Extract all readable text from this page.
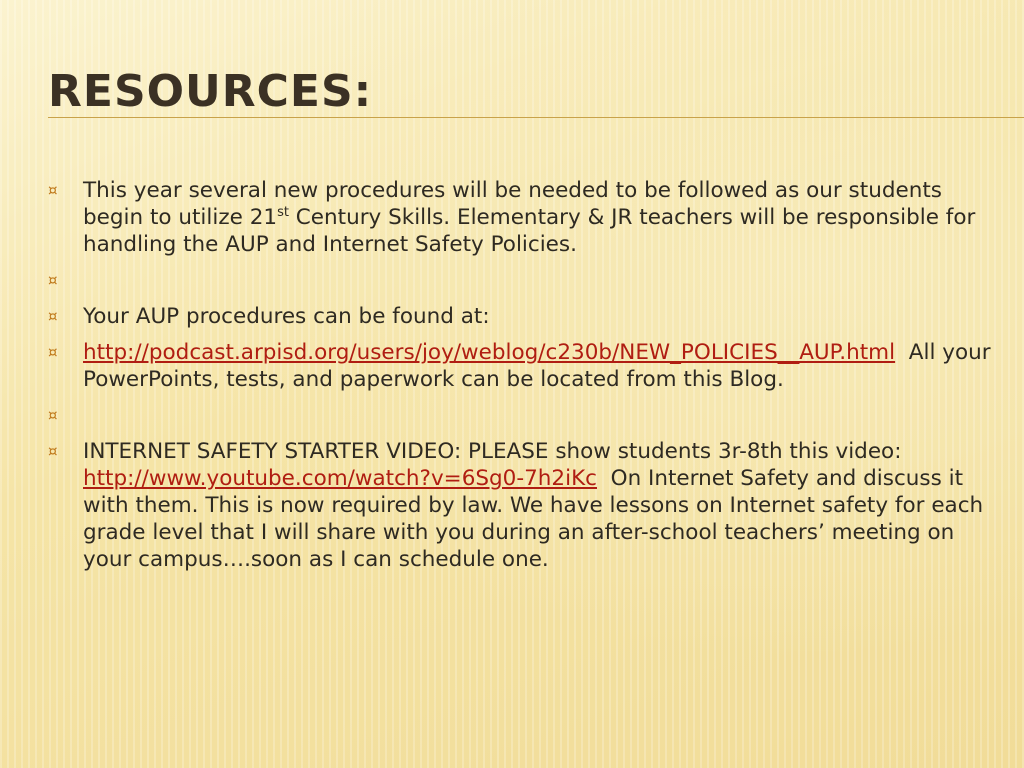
RESOURCES:
¤	This year several new procedures will be needed to be followed as our students begin to utilize 21st Century Skills. Elementary & JR teachers will be responsible for handling the AUP and Internet Safety Policies.
¤
¤	Your AUP procedures can be found at:
¤	http://podcast.arpisd.org/users/joy/weblog/c230b/NEW_POLICIES__AUP.html  All your PowerPoints, tests, and paperwork can be located from this Blog.
¤
¤	INTERNET SAFETY STARTER VIDEO: PLEASE show students 3r-8th this video: http://www.youtube.com/watch?v=6Sg0-7h2iKc  On Internet Safety and discuss it with them. This is now required by law. We have lessons on Internet safety for each grade level that I will share with you during an after-school teachers’ meeting on your campus….soon as I can schedule one.
